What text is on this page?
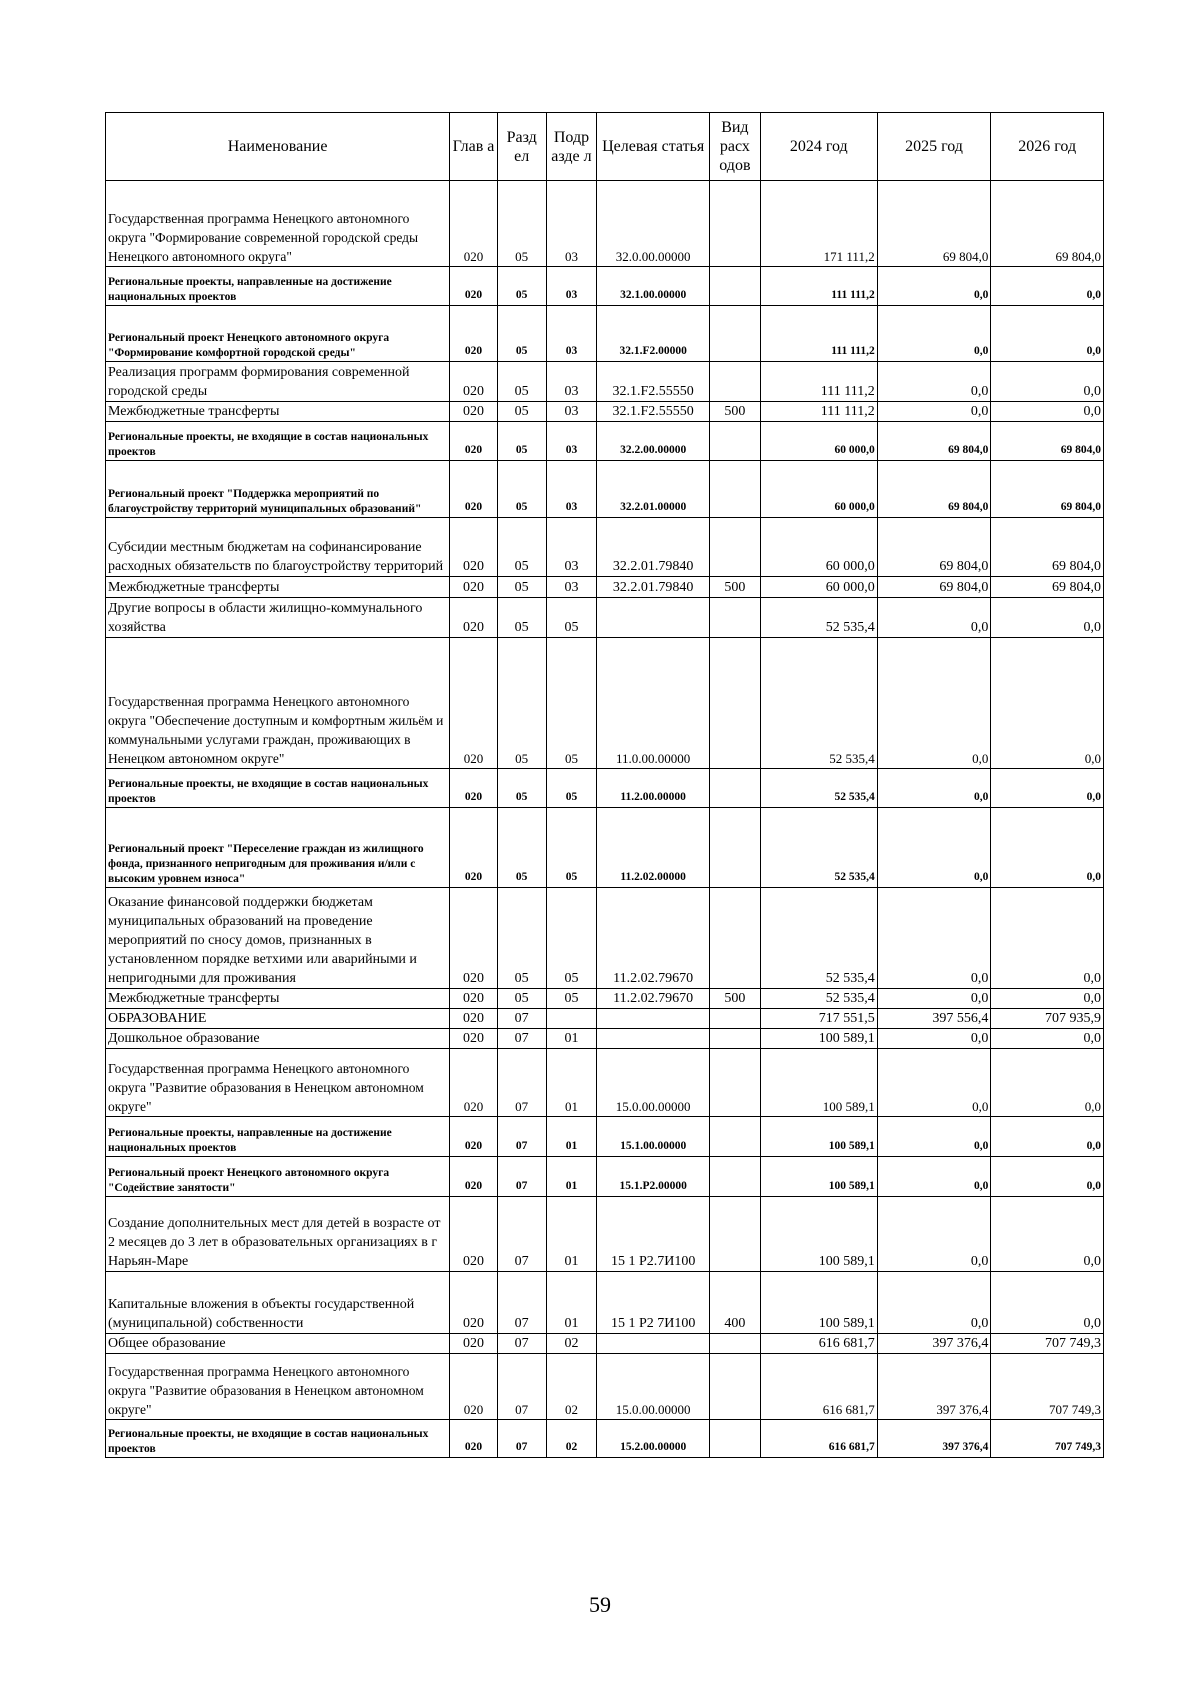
Наименование	Глав а	Разд ел	Подр азде л	Целевая статья	Вид расх одов	2024 год	2025 год	2026 год
Государственная программа Ненецкого автономного округа "Формирование современной городской среды Ненецкого автономного округа"	020	05	03	32.0.00.00000		171 111,2	69 804,0	69 804,0
Региональные проекты, направленные на достижение национальных проектов	020	05	03	32.1.00.00000		111 111,2	0,0	0,0
Региональный проект Ненецкого автономного округа "Формирование комфортной городской среды"	020	05	03	32.1.F2.00000		111 111,2	0,0	0,0
Реализация программ формирования современной городской среды	020	05	03	32.1.F2.55550		111 111,2	0,0	0,0
Межбюджетные трансферты	020	05	03	32.1.F2.55550	500	111 111,2	0,0	0,0
Региональные проекты, не входящие в состав национальных проектов	020	05	03	32.2.00.00000		60 000,0	69 804,0	69 804,0
Региональный проект "Поддержка мероприятий по благоустройству территорий муниципальных образований"	020	05	03	32.2.01.00000		60 000,0	69 804,0	69 804,0
Субсидии местным бюджетам на софинансирование расходных обязательств по благоустройству территорий	020	05	03	32.2.01.79840		60 000,0	69 804,0	69 804,0
Межбюджетные трансферты	020	05	03	32.2.01.79840	500	60 000,0	69 804,0	69 804,0
Другие вопросы в области жилищно-коммунального хозяйства	020	05	05			52 535,4	0,0	0,0
Государственная программа Ненецкого автономного округа "Обеспечение доступным и комфортным жильём и коммунальными услугами граждан, проживающих в Ненецком автономном округе"	020	05	05	11.0.00.00000		52 535,4	0,0	0,0
Региональные проекты, не входящие в состав национальных проектов	020	05	05	11.2.00.00000		52 535,4	0,0	0,0
Региональный проект "Переселение граждан из жилищного фонда, признанного непригодным для проживания и/или с высоким уровнем износа"	020	05	05	11.2.02.00000		52 535,4	0,0	0,0
Оказание финансовой поддержки бюджетам муниципальных образований на проведение мероприятий по сносу домов, признанных в установленном порядке ветхими или аварийными и непригодными для проживания	020	05	05	11.2.02.79670		52 535,4	0,0	0,0
Межбюджетные трансферты	020	05	05	11.2.02.79670	500	52 535,4	0,0	0,0
ОБРАЗОВАНИЕ	020	07				717 551,5	397 556,4	707 935,9
Дошкольное образование	020	07	01			100 589,1	0,0	0,0
Государственная программа Ненецкого автономного округа "Развитие образования в Ненецком автономном округе"	020	07	01	15.0.00.00000		100 589,1	0,0	0,0
Региональные проекты, направленные на достижение национальных проектов	020	07	01	15.1.00.00000		100 589,1	0,0	0,0
Региональный проект Ненецкого автономного округа "Содействие занятости"	020	07	01	15.1.P2.00000		100 589,1	0,0	0,0
Создание дополнительных мест для детей в возрасте от 2 месяцев до 3 лет в образовательных организациях в г Нарьян-Маре	020	07	01	15 1 Р2.7И100		100 589,1	0,0	0,0
Капитальные вложения в объекты государственной (муниципальной) собственности	020	07	01	15 1 Р2 7И100	400	100 589,1	0,0	0,0
Общее образование	020	07	02			616 681,7	397 376,4	707 749,3
Государственная программа Ненецкого автономного округа "Развитие образования в Ненецком автономном округе"	020	07	02	15.0.00.00000		616 681,7	397 376,4	707 749,3
Региональные проекты, не входящие в состав национальных проектов	020	07	02	15.2.00.00000		616 681,7	397 376,4	707 749,3
59
